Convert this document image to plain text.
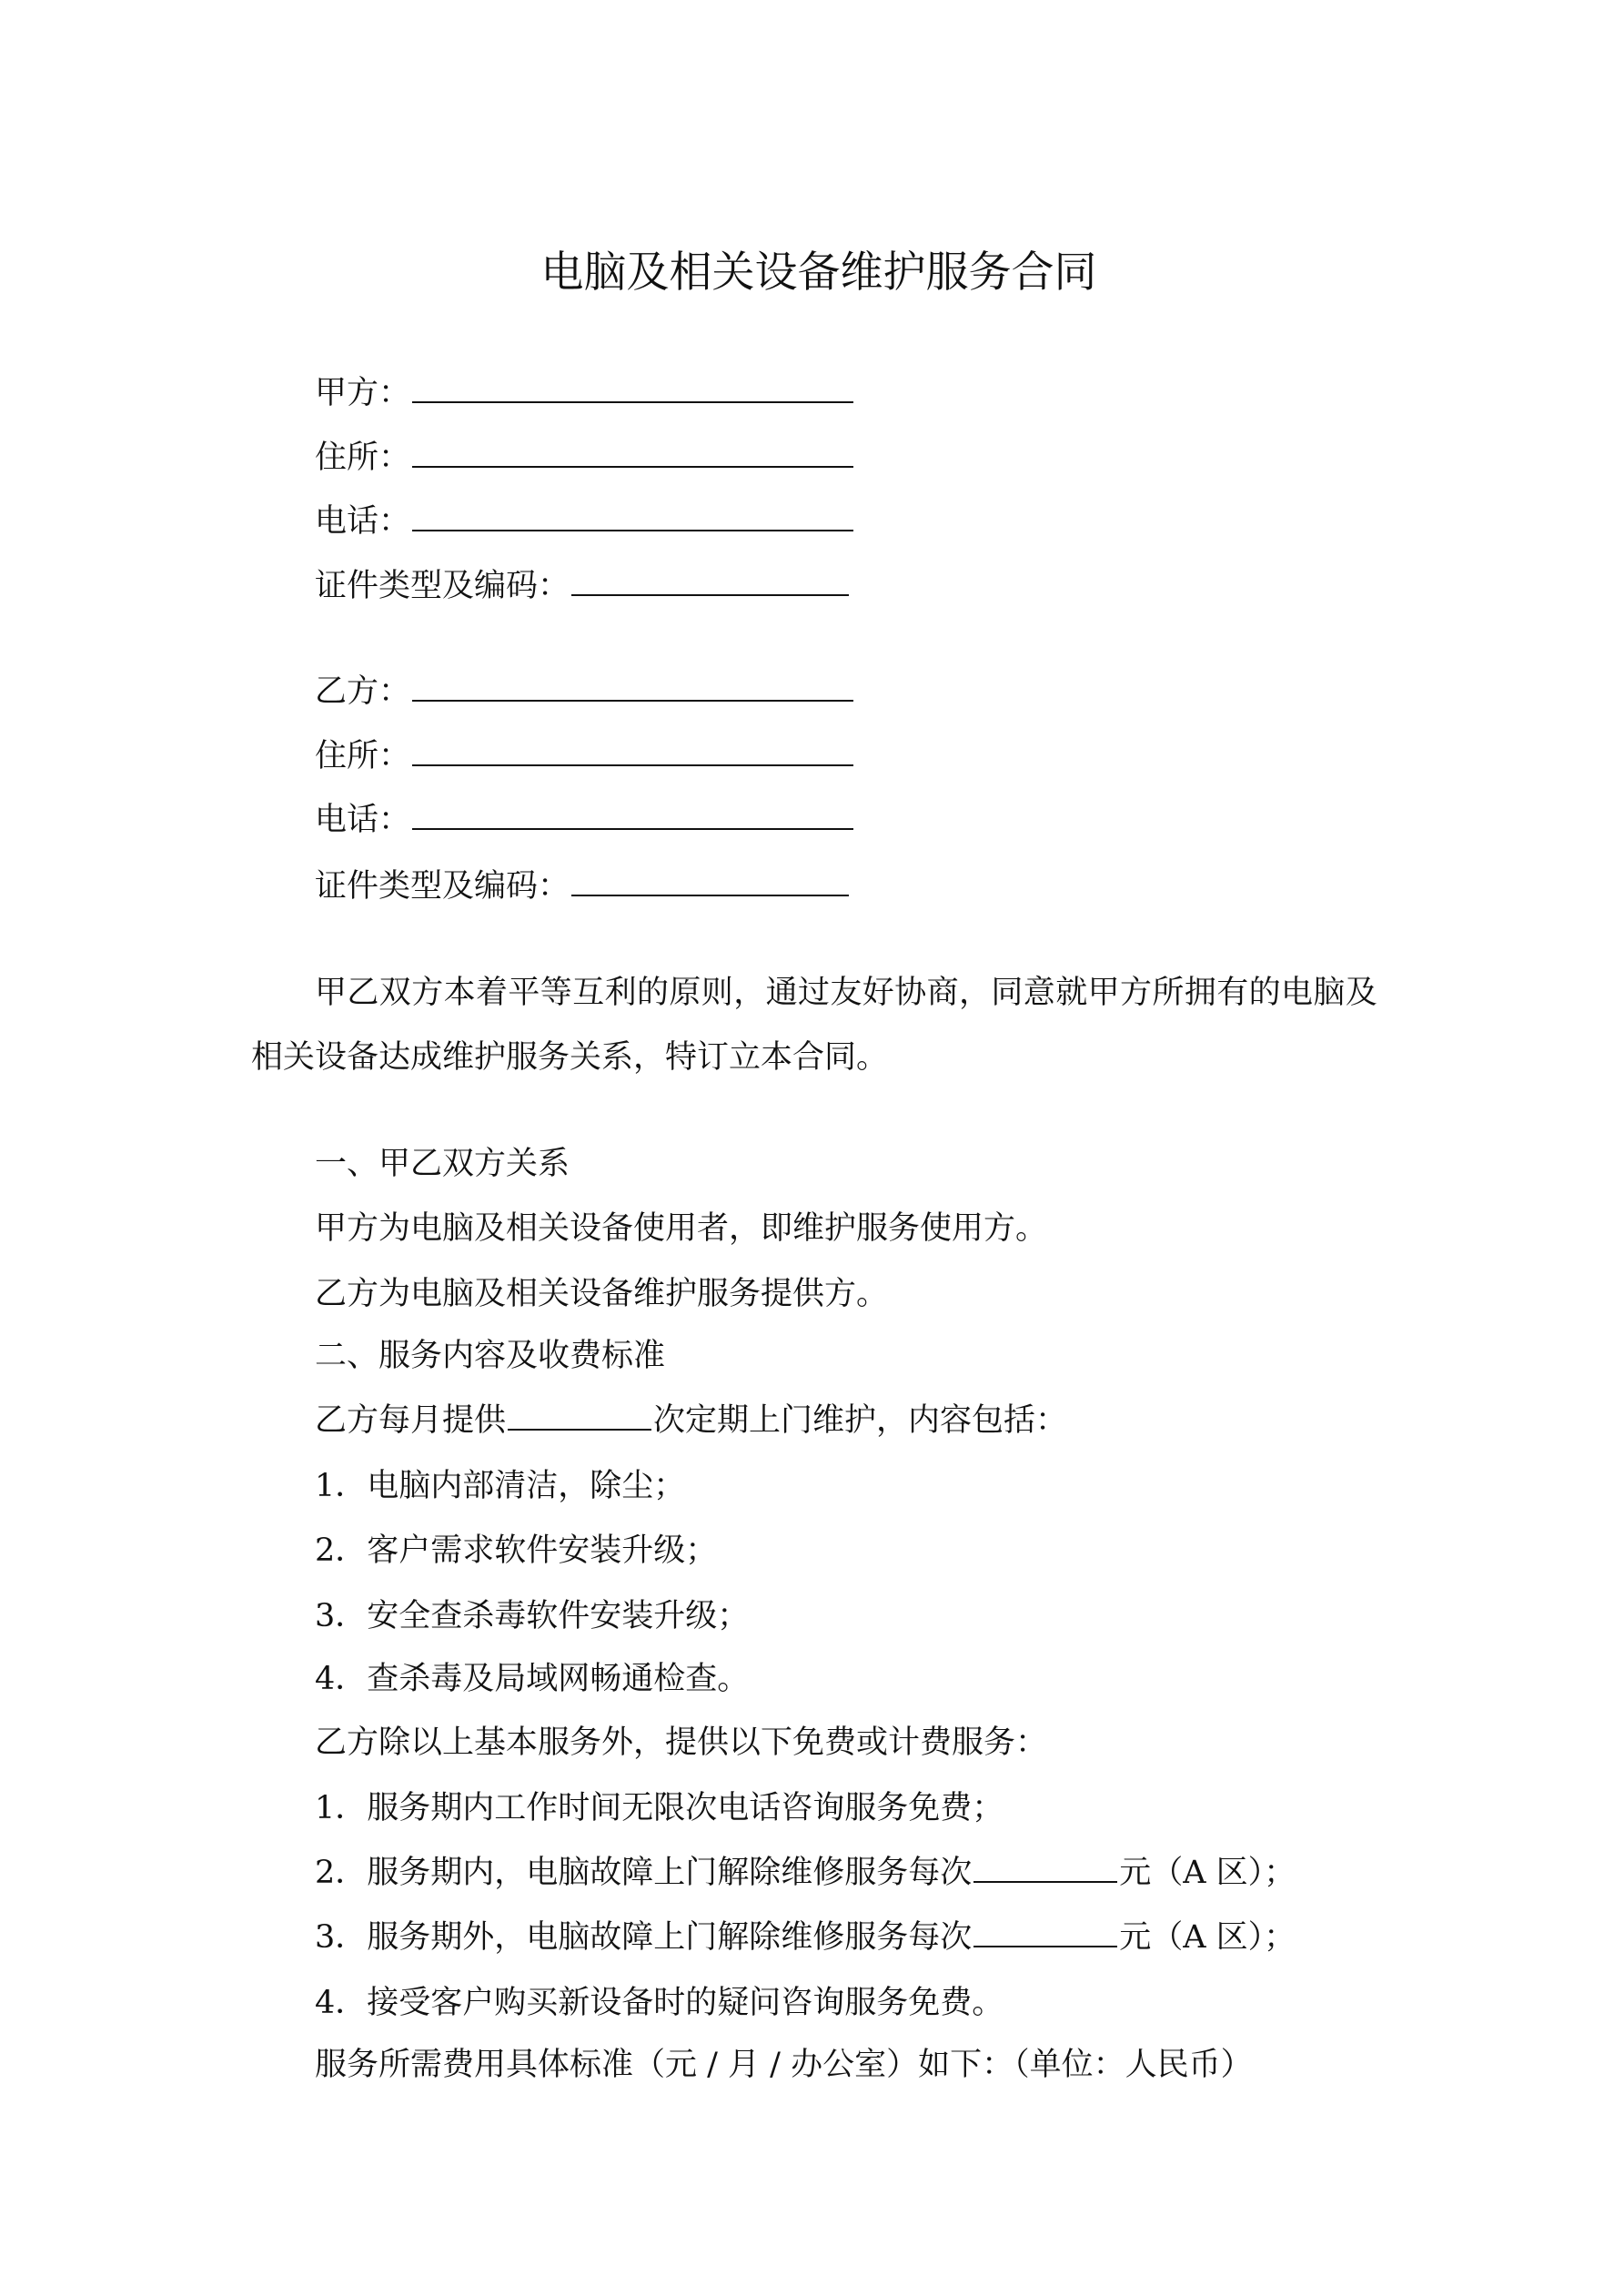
电脑及相关设备维护服务合同
甲方：
住所：
电话：
证件类型及编码：
乙方：
住所：
电话：
证件类型及编码：
甲乙双方本着平等互利的原则，通过友好协商，同意就甲方所拥有的电脑及
相关设备达成维护服务关系，特订立本合同。
一、甲乙双方关系
甲方为电脑及相关设备使用者，即维护服务使用方。
乙方为电脑及相关设备维护服务提供方。
二、服务内容及收费标准
乙方每月提供	次定期上门维护，内容包括：
1．电脑内部清洁，除尘；
2．客户需求软件安装升级；
3．安全查杀毒软件安装升级；
4．查杀毒及局域网畅通检查。
乙方除以上基本服务外，提供以下免费或计费服务：
1．服务期内工作时间无限次电话咨询服务免费；
2．服务期内，电脑故障上门解除维修服务每次	元（A 区）；
3．服务期外，电脑故障上门解除维修服务每次	元（A 区）；
4．接受客户购买新设备时的疑问咨询服务免费。
服务所需费用具体标准（元 / 月 / 办公室）如下：（单位：人民币）
